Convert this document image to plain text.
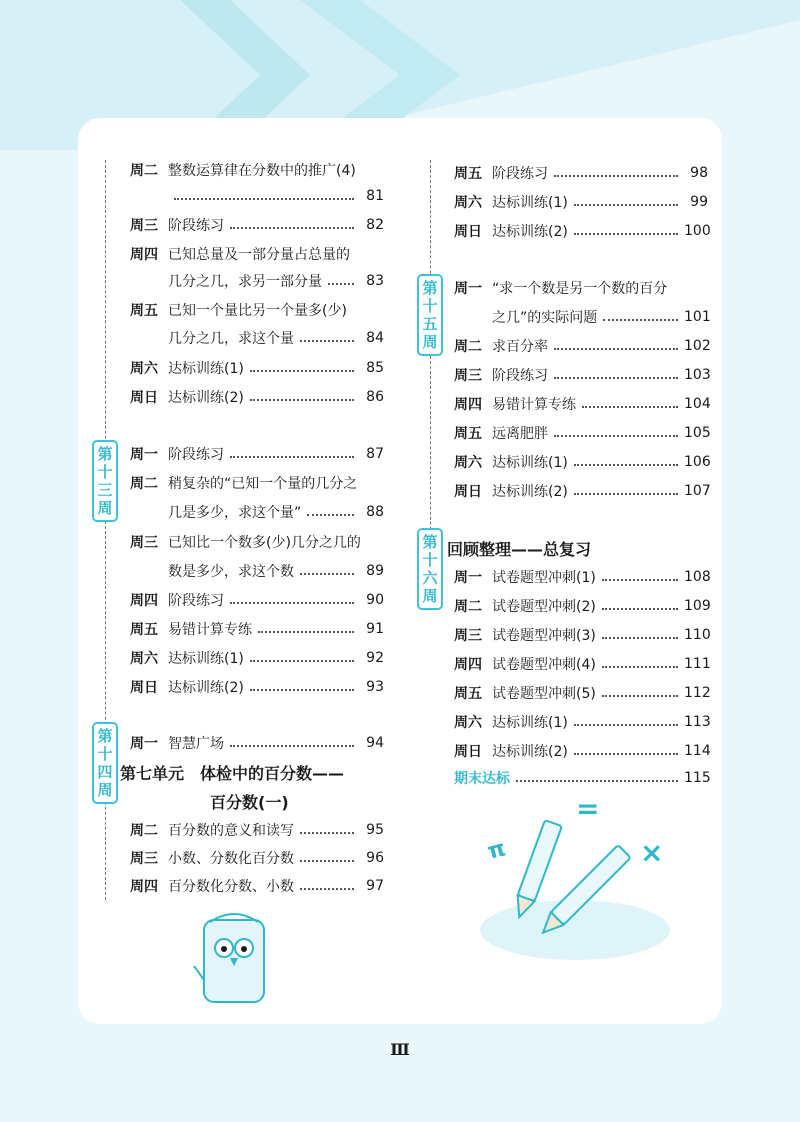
第
十
三
周
第
十
四
周
第
十
五
周
第
十
六
周
周二 整数运算律在分数中的推广(4)
81
周三 阶段练习	82
周四 已知总量及一部分量占总量的
几分之几，求另一部分量	83
周五 已知一个量比另一个量多(少)
几分之几，求这个量	84
周六 达标训练(1)	85
周日 达标训练(2)	86
周一 阶段练习	87
周二 稍复杂的“已知一个量的几分之
几是多少，求这个量”	88
周三 已知比一个数多(少)几分之几的
数是多少，求这个数	89
周四 阶段练习	90
周五 易错计算专练	91
周六 达标训练(1)	92
周日 达标训练(2)	93
周一 智慧广场	94
第七单元　体检中的百分数——
百分数(一)
周二 百分数的意义和读写	95
周三 小数、分数化百分数	96
周四 百分数化分数、小数	97
周五 阶段练习	98
周六 达标训练(1)	99
周日 达标训练(2)	100
周一 “求一个数是另一个数的百分
之几”的实际问题	101
周二 求百分率	102
周三 阶段练习	103
周四 易错计算专练	104
周五 远离肥胖	105
周六 达标训练(1)	106
周日 达标训练(2)	107
回顾整理——总复习
周一 试卷题型冲刺(1)	108
周二 试卷题型冲刺(2)	109
周三 试卷题型冲刺(3)	110
周四 试卷题型冲刺(4)	111
周五 试卷题型冲刺(5)	112
周六 达标训练(1)	113
周日 达标训练(2)	114
期末达标	115
π
=
×
Ⅲ
